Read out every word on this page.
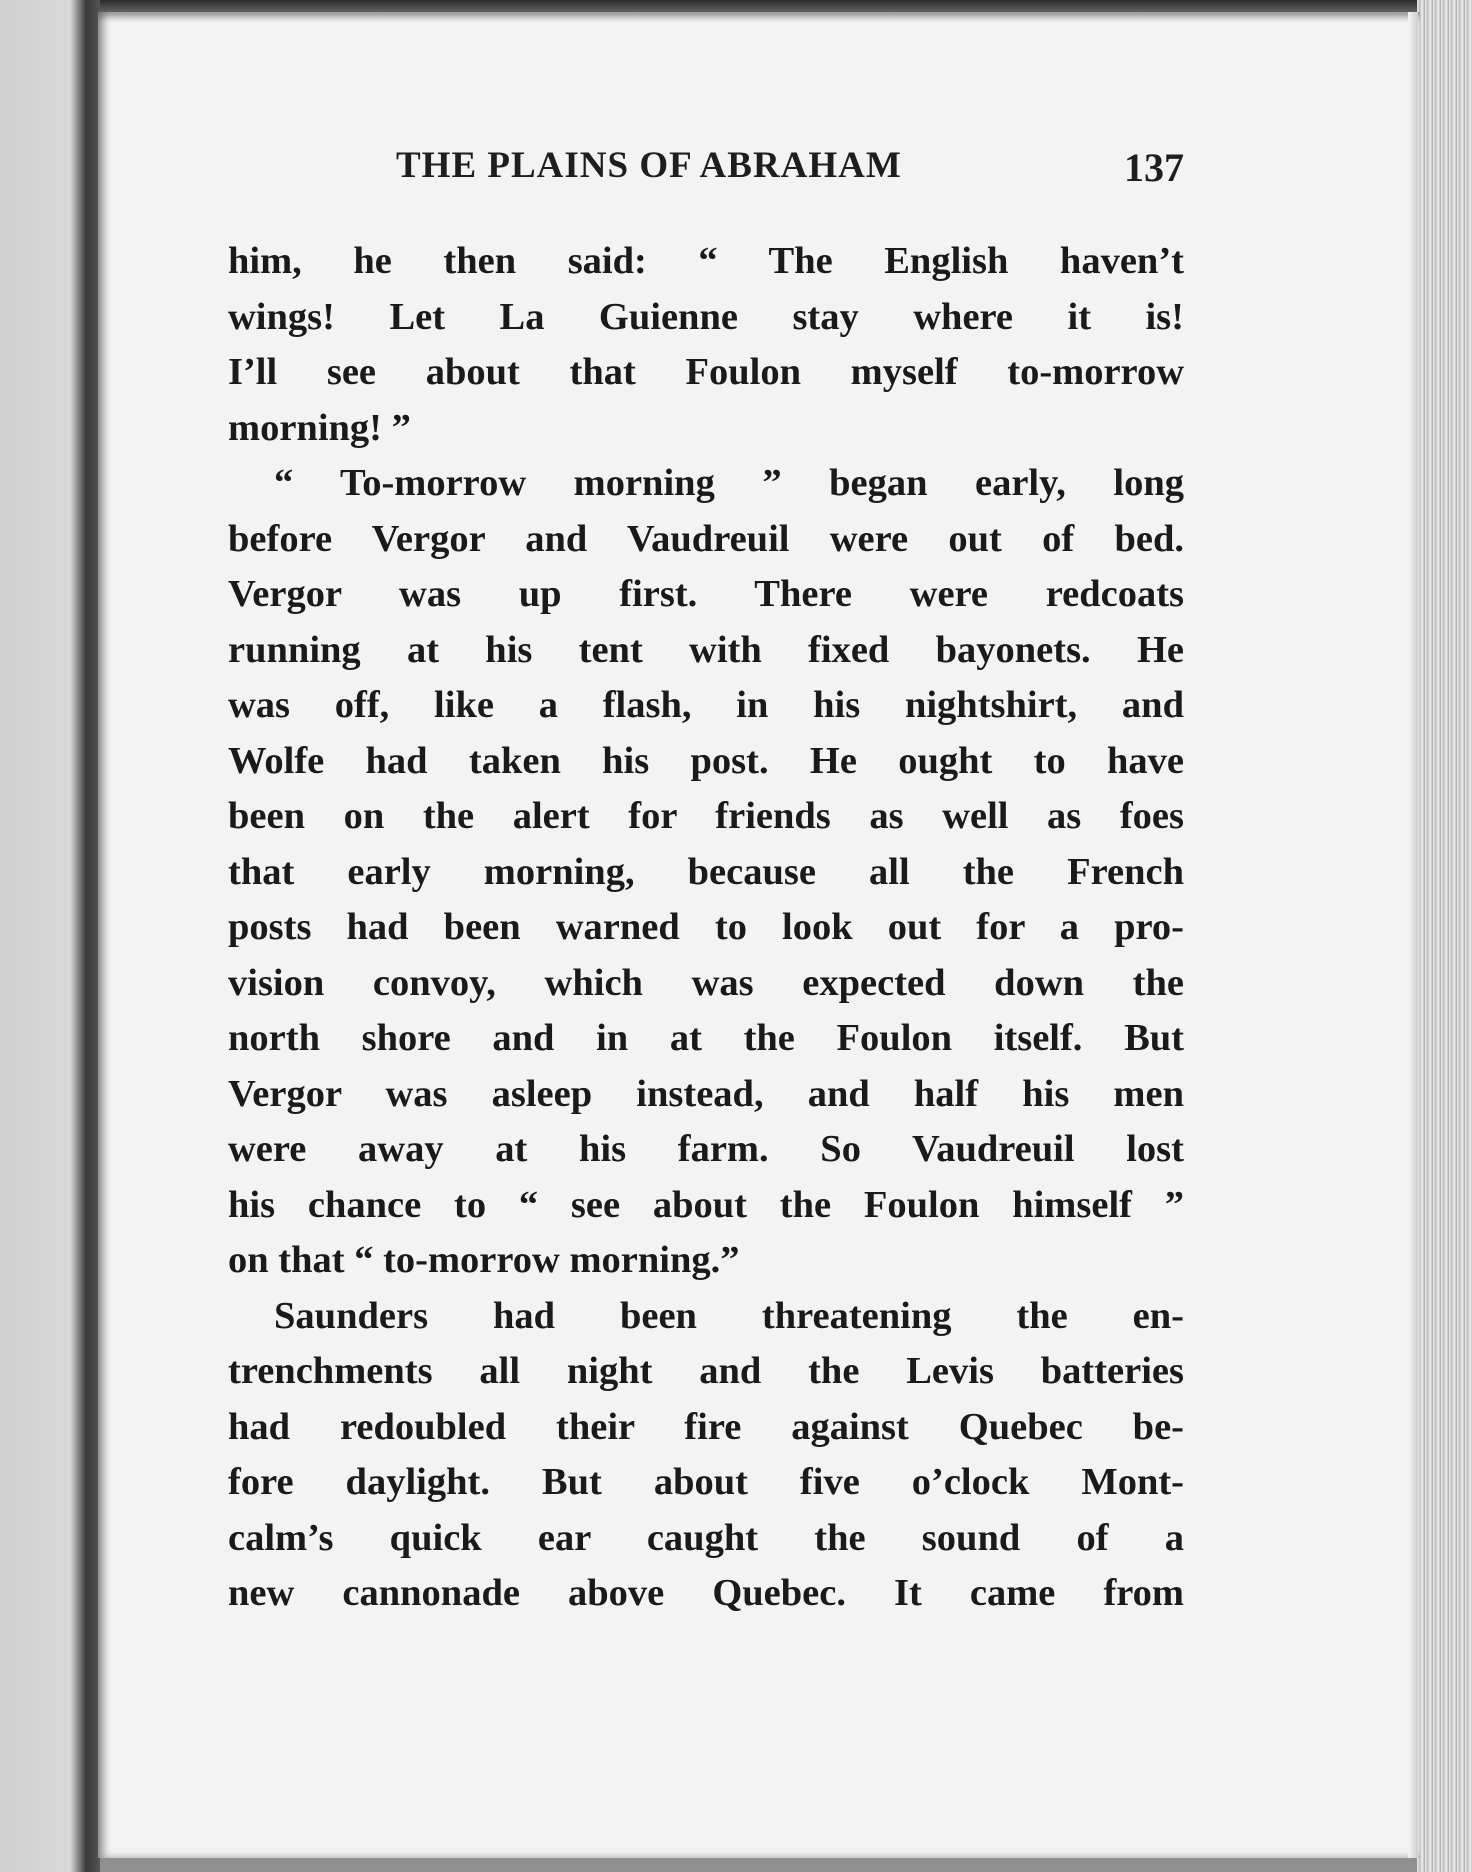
THE PLAINS OF ABRAHAM	137
him, he then said: “ The English haven’t
wings! Let La Guienne stay where it is!
I’ll see about that Foulon myself to-morrow
morning! ”
“ To-morrow morning ” began early, long
before Vergor and Vaudreuil were out of bed.
Vergor was up first. There were redcoats
running at his tent with fixed bayonets. He
was off, like a flash, in his nightshirt, and
Wolfe had taken his post. He ought to have
been on the alert for friends as well as foes
that early morning, because all the French
posts had been warned to look out for a pro-
vision convoy, which was expected down the
north shore and in at the Foulon itself. But
Vergor was asleep instead, and half his men
were away at his farm. So Vaudreuil lost
his chance to “ see about the Foulon himself ”
on that “ to-morrow morning.”
Saunders had been threatening the en-
trenchments all night and the Levis batteries
had redoubled their fire against Quebec be-
fore daylight. But about five o’clock Mont-
calm’s quick ear caught the sound of a
new cannonade above Quebec. It came from
